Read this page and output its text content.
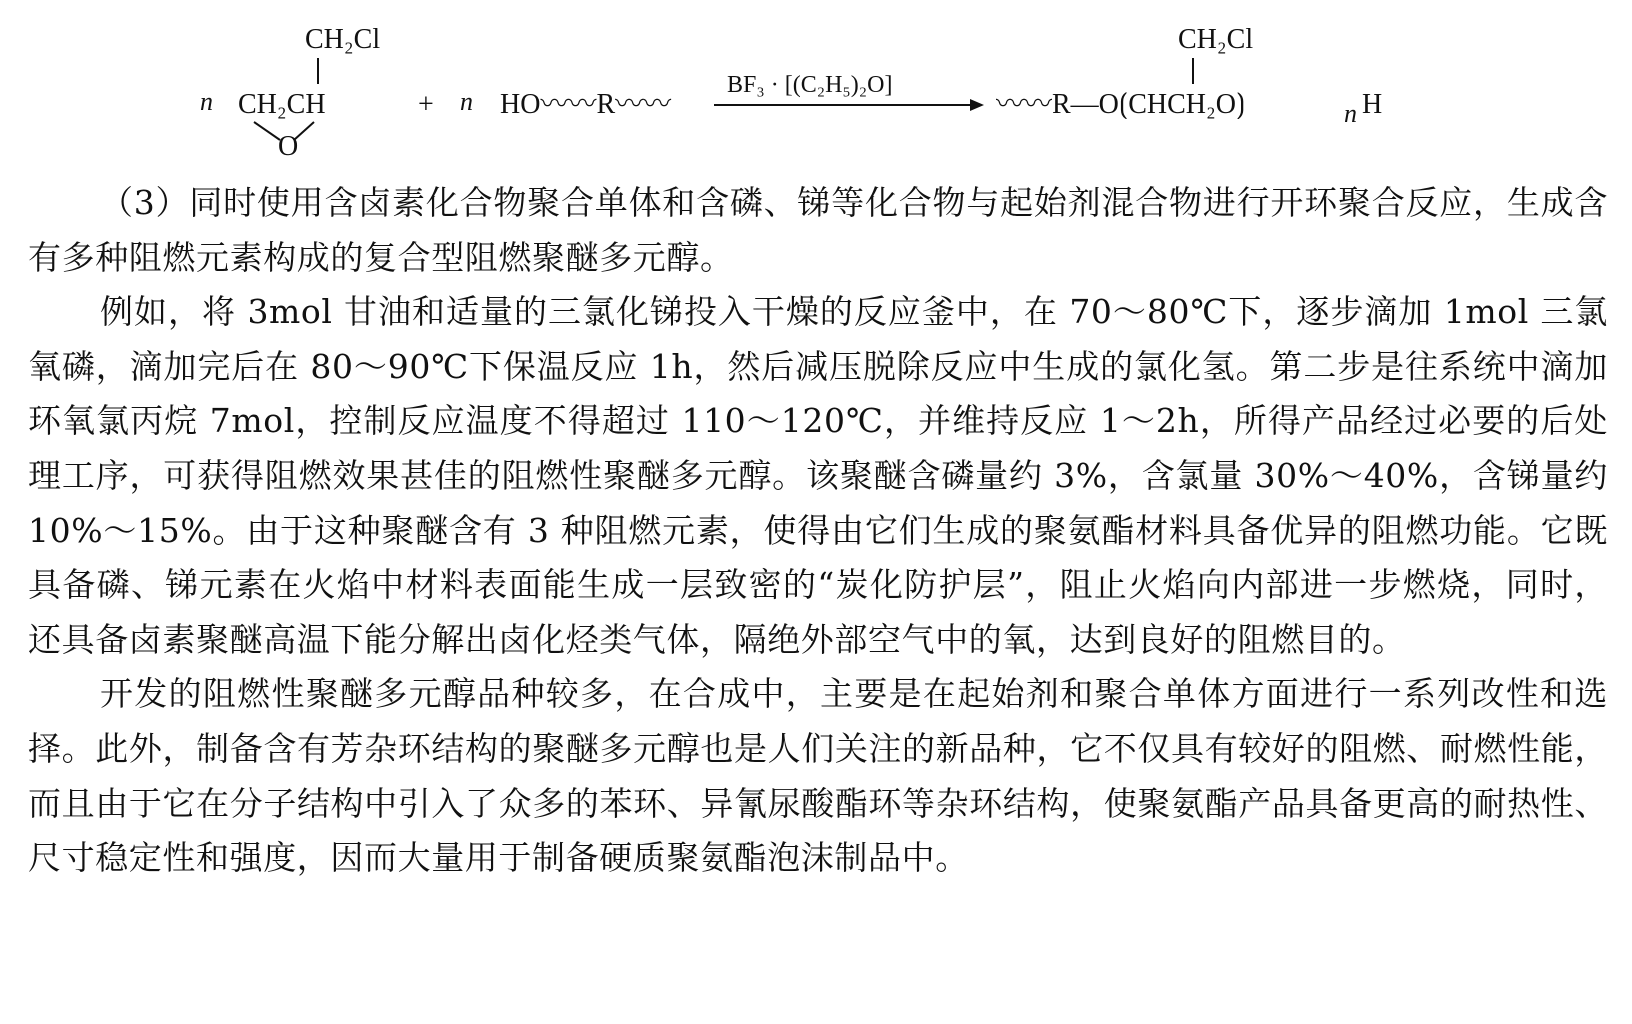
n
CH₂Cl
CH₂CH
O
+ n HO〰〰R〰〰
BF₃ · [(C₂H₅)₂O]
CH₂Cl
〰〰R—O⟮CHCH₂O⟯	n H

（3）同时使用含卤素化合物聚合单体和含磷、锑等化合物与起始剂混合物进行开环聚合反应，生成含有多种阻燃元素构成的复合型阻燃聚醚多元醇。

例如，将 3mol 甘油和适量的三氯化锑投入干燥的反应釜中，在 70～80℃下，逐步滴加 1mol 三氯氧磷，滴加完后在 80～90℃下保温反应 1h，然后减压脱除反应中生成的氯化氢。第二步是往系统中滴加环氧氯丙烷 7mol，控制反应温度不得超过 110～120℃，并维持反应 1～2h，所得产品经过必要的后处理工序，可获得阻燃效果甚佳的阻燃性聚醚多元醇。该聚醚含磷量约 3%，含氯量 30%～40%，含锑量约 10%～15%。由于这种聚醚含有 3 种阻燃元素，使得由它们生成的聚氨酯材料具备优异的阻燃功能。它既具备磷、锑元素在火焰中材料表面能生成一层致密的“炭化防护层”，阻止火焰向内部进一步燃烧，同时，还具备卤素聚醚高温下能分解出卤化烃类气体，隔绝外部空气中的氧，达到良好的阻燃目的。

开发的阻燃性聚醚多元醇品种较多，在合成中，主要是在起始剂和聚合单体方面进行一系列改性和选择。此外，制备含有芳杂环结构的聚醚多元醇也是人们关注的新品种，它不仅具有较好的阻燃、耐燃性能，而且由于它在分子结构中引入了众多的苯环、异氰尿酸酯环等杂环结构，使聚氨酯产品具备更高的耐热性、尺寸稳定性和强度，因而大量用于制备硬质聚氨酯泡沫制品中。
